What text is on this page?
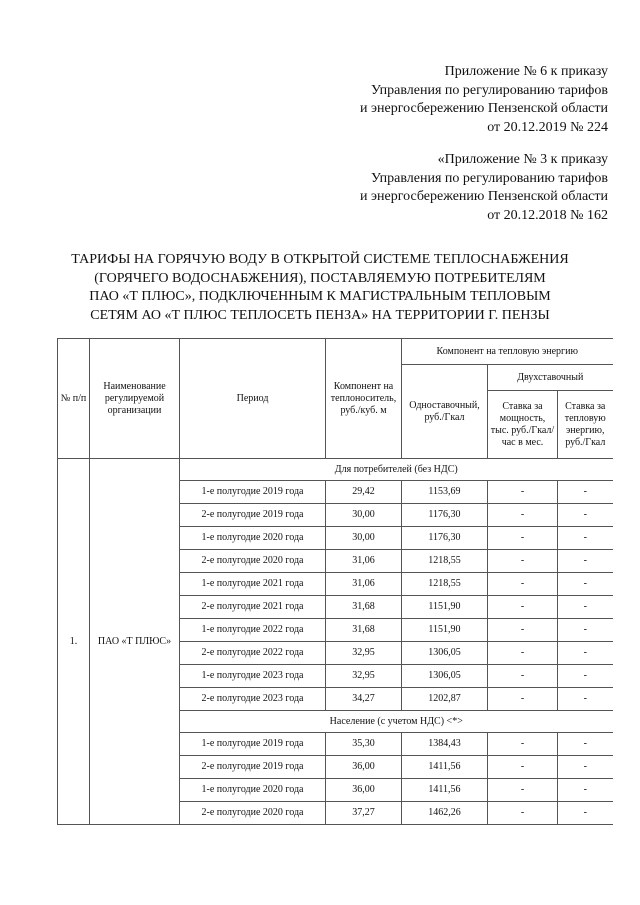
Приложение № 6 к приказу
Управления по регулированию тарифов
и энергосбережению Пензенской области
от 20.12.2019 № 224
«Приложение № 3 к приказу
Управления по регулированию тарифов
и энергосбережению Пензенской области
от 20.12.2018 № 162
ТАРИФЫ НА ГОРЯЧУЮ ВОДУ В ОТКРЫТОЙ СИСТЕМЕ ТЕПЛОСНАБЖЕНИЯ
(ГОРЯЧЕГО ВОДОСНАБЖЕНИЯ), ПОСТАВЛЯЕМУЮ ПОТРЕБИТЕЛЯМ
ПАО «Т ПЛЮС», ПОДКЛЮЧЕННЫМ К МАГИСТРАЛЬНЫМ ТЕПЛОВЫМ
СЕТЯМ АО «Т ПЛЮС ТЕПЛОСЕТЬ ПЕНЗА» НА ТЕРРИТОРИИ Г. ПЕНЗЫ
№ п/п	Наименование регулируемой организации	Период	Компонент на теплоноситель, руб./куб. м	Компонент на тепловую энергию		
				Одноставочный, руб./Гкал	Двухставочный	
					Ставка за мощность, тыс. руб./Гкал/час в мес.	Ставка за тепловую энергию, руб./Гкал
1.	ПАО «Т ПЛЮС»	Для потребителей (без НДС)				
		1-е полугодие 2019 года	29,42	1153,69	-	-
		2-е полугодие 2019 года	30,00	1176,30	-	-
		1-е полугодие 2020 года	30,00	1176,30	-	-
		2-е полугодие 2020 года	31,06	1218,55	-	-
		1-е полугодие 2021 года	31,06	1218,55	-	-
		2-е полугодие 2021 года	31,68	1151,90	-	-
		1-е полугодие 2022 года	31,68	1151,90	-	-
		2-е полугодие 2022 года	32,95	1306,05	-	-
		1-е полугодие 2023 года	32,95	1306,05	-	-
		2-е полугодие 2023 года	34,27	1202,87	-	-
		Население (с учетом НДС) <*>				
		1-е полугодие 2019 года	35,30	1384,43	-	-
		2-е полугодие 2019 года	36,00	1411,56	-	-
		1-е полугодие 2020 года	36,00	1411,56	-	-
		2-е полугодие 2020 года	37,27	1462,26	-	-
